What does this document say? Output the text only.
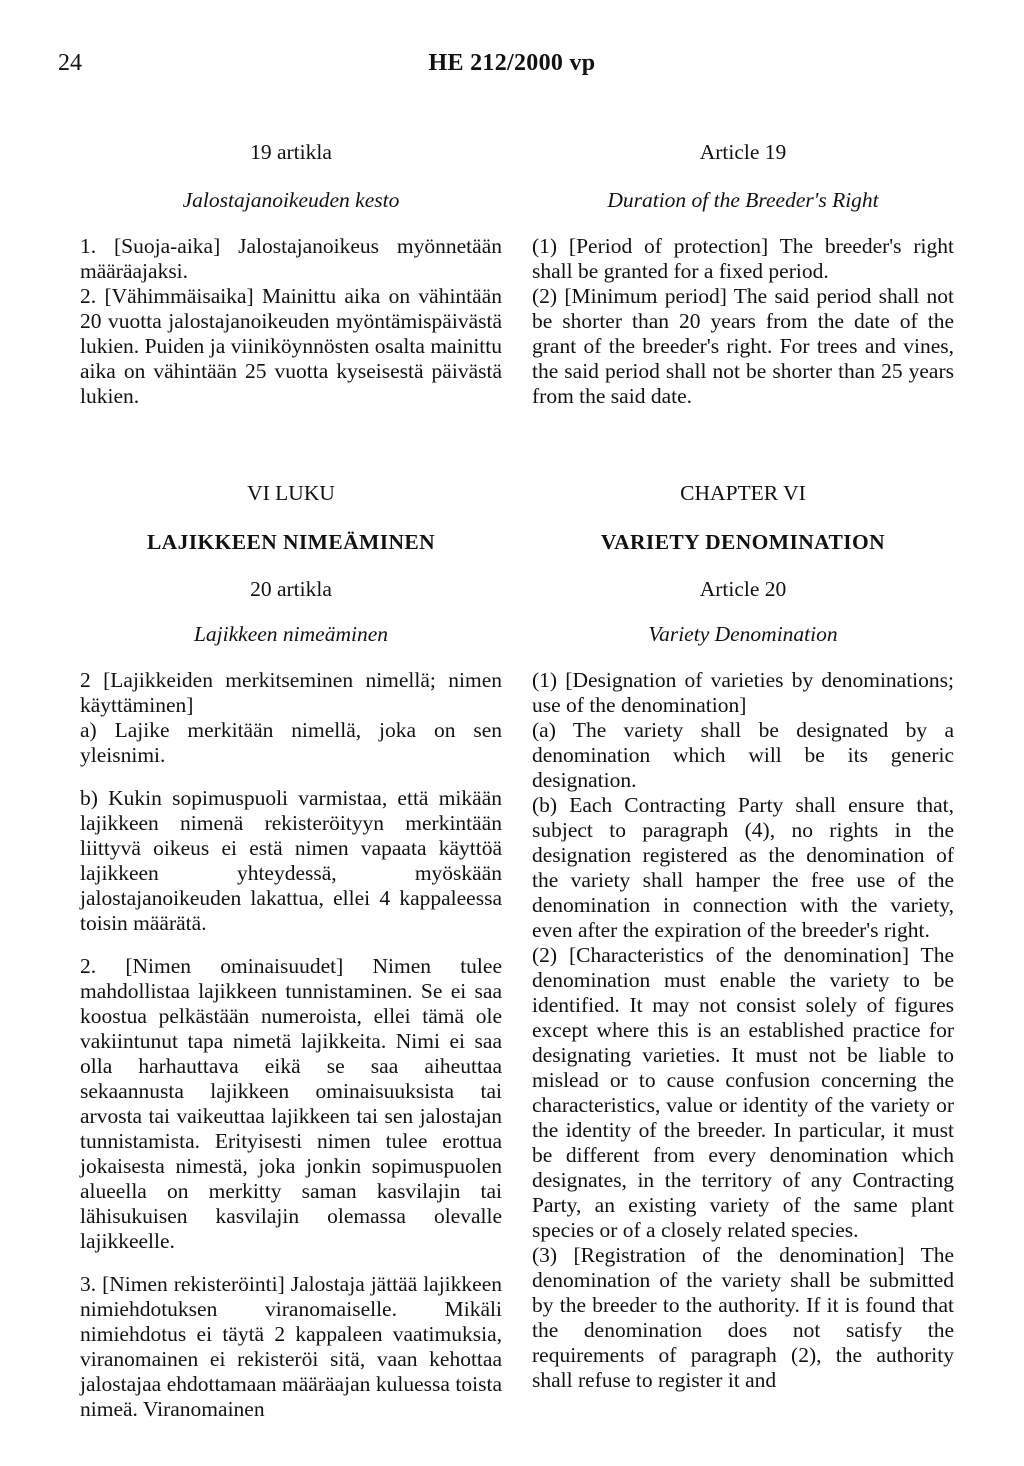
24	HE 212/2000 vp
19 artikla
Jalostajanoikeuden kesto

1. [Suoja-aika] Jalostajanoikeus myönnetään määräajaksi.

2. [Vähimmäisaika] Mainittu aika on vähintään 20 vuotta jalostajanoikeuden myöntämispäivästä lukien. Puiden ja viiniköynnösten osalta mainittu aika on vähintään 25 vuotta kyseisestä päivästä lukien.

VI LUKU
LAJIKKEEN NIMEÄMINEN
20 artikla
Lajikkeen nimeäminen

2 [Lajikkeiden merkitseminen nimellä; nimen käyttäminen]

a) Lajike merkitään nimellä, joka on sen yleisnimi.

b) Kukin sopimuspuoli varmistaa, että mikään lajikkeen nimenä rekisteröityyn merkintään liittyvä oikeus ei estä nimen vapaata käyttöä lajikkeen yhteydessä, myöskään jalostajanoikeuden lakattua, ellei 4 kappaleessa toisin määrätä.

2. [Nimen ominaisuudet] Nimen tulee mahdollistaa lajikkeen tunnistaminen. Se ei saa koostua pelkästään numeroista, ellei tämä ole vakiintunut tapa nimetä lajikkeita. Nimi ei saa olla harhauttava eikä se saa aiheuttaa sekaannusta lajikkeen ominaisuuksista tai arvosta tai vaikeuttaa lajikkeen tai sen jalostajan tunnistamista. Erityisesti nimen tulee erottua jokaisesta nimestä, joka jonkin sopimuspuolen alueella on merkitty saman kasvilajin tai lähisukuisen kasvilajin olemassa olevalle lajikkeelle.

3. [Nimen rekisteröinti] Jalostaja jättää lajikkeen nimiehdotuksen viranomaiselle. Mikäli nimiehdotus ei täytä 2 kappaleen vaatimuksia, viranomainen ei rekisteröi sitä, vaan kehottaa jalostajaa ehdottamaan määräajan kuluessa toista nimeä. Viranomainen

Article 19
Duration of the Breeder's Right

(1) [Period of protection] The breeder's right shall be granted for a fixed period.

(2) [Minimum period] The said period shall not be shorter than 20 years from the date of the grant of the breeder's right. For trees and vines, the said period shall not be shorter than 25 years from the said date.

CHAPTER VI
VARIETY DENOMINATION
Article 20
Variety Denomination

(1) [Designation of varieties by denominations; use of the denomination]

(a) The variety shall be designated by a denomination which will be its generic designation.

(b) Each Contracting Party shall ensure that, subject to paragraph (4), no rights in the designation registered as the denomination of the variety shall hamper the free use of the denomination in connection with the variety, even after the expiration of the breeder's right.

(2) [Characteristics of the denomination] The denomination must enable the variety to be identified. It may not consist solely of figures except where this is an established practice for designating varieties. It must not be liable to mislead or to cause confusion concerning the characteristics, value or identity of the variety or the identity of the breeder. In particular, it must be different from every denomination which designates, in the territory of any Contracting Party, an existing variety of the same plant species or of a closely related species.

(3) [Registration of the denomination] The denomination of the variety shall be submitted by the breeder to the authority. If it is found that the denomination does not satisfy the requirements of paragraph (2), the authority shall refuse to register it and
